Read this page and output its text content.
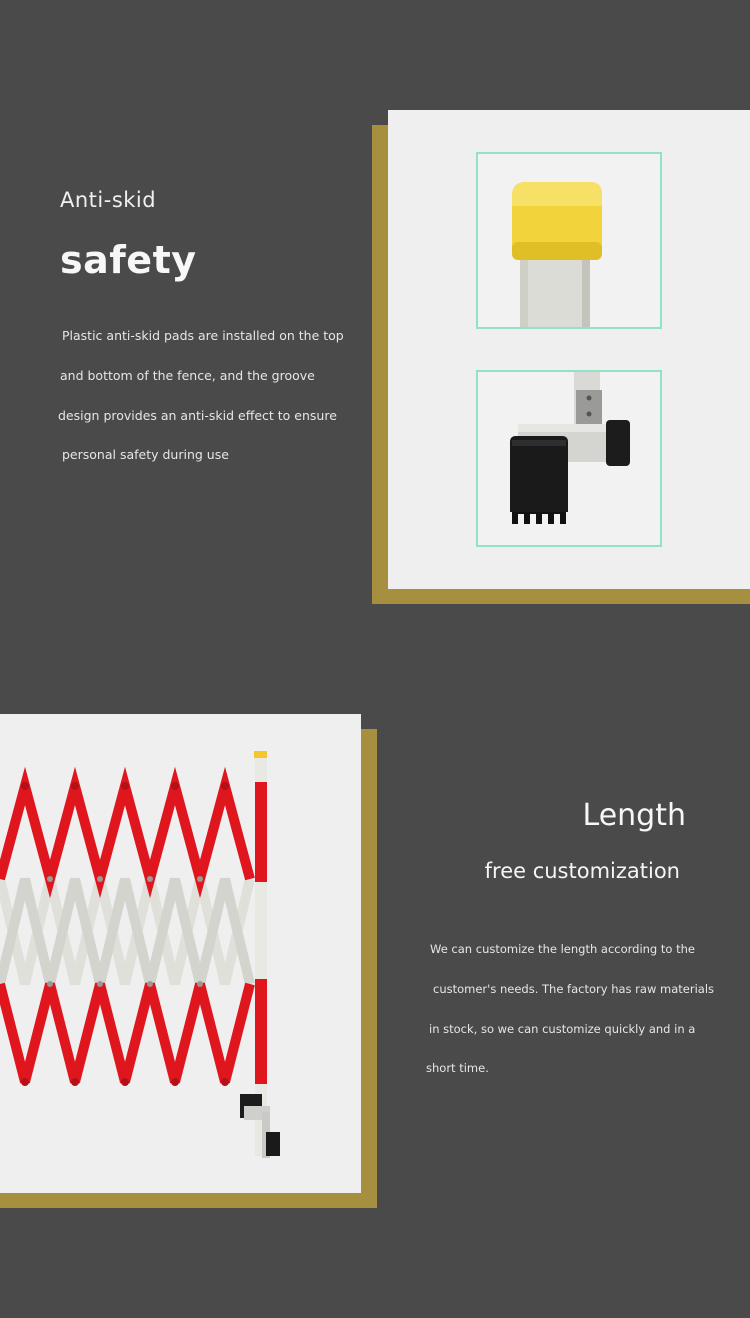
Anti-skid
safety
Plastic anti-skid pads are installed on the top
and bottom of the fence, and the groove
design provides an anti-skid effect to ensure
personal safety during use
Length
free customization
We can customize the length according to the
customer's needs. The factory has raw materials
in stock, so we can customize quickly and in a
short time.
